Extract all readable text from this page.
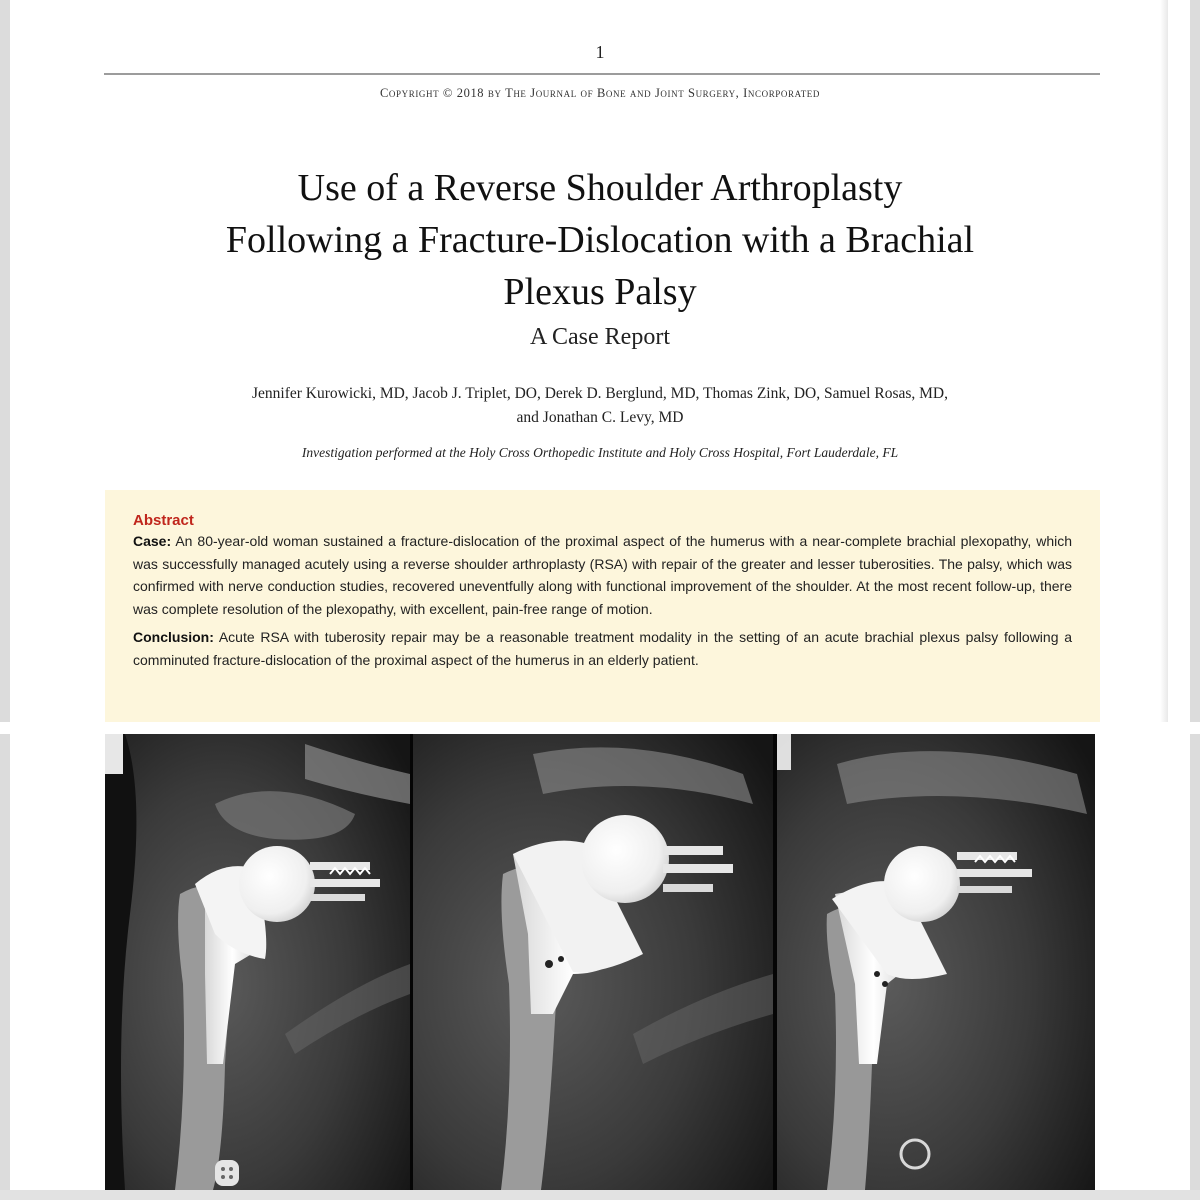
1
Copyright © 2018 by The Journal of Bone and Joint Surgery, Incorporated
Use of a Reverse Shoulder Arthroplasty
Following a Fracture-Dislocation with a Brachial
Plexus Palsy
A Case Report
Jennifer Kurowicki, MD, Jacob J. Triplet, DO, Derek D. Berglund, MD, Thomas Zink, DO, Samuel Rosas, MD,
and Jonathan C. Levy, MD
Investigation performed at the Holy Cross Orthopedic Institute and Holy Cross Hospital, Fort Lauderdale, FL
Abstract

Case: An 80-year-old woman sustained a fracture-dislocation of the proximal aspect of the humerus with a near-complete brachial plexopathy, which was successfully managed acutely using a reverse shoulder arthroplasty (RSA) with repair of the greater and lesser tuberosities. The palsy, which was confirmed with nerve conduction studies, recovered uneventfully along with functional improvement of the shoulder. At the most recent follow-up, there was complete resolution of the plexopathy, with excellent, pain-free range of motion.

Conclusion: Acute RSA with tuberosity repair may be a reasonable treatment modality in the setting of an acute brachial plexus palsy following a comminuted fracture-dislocation of the proximal aspect of the humerus in an elderly patient.
